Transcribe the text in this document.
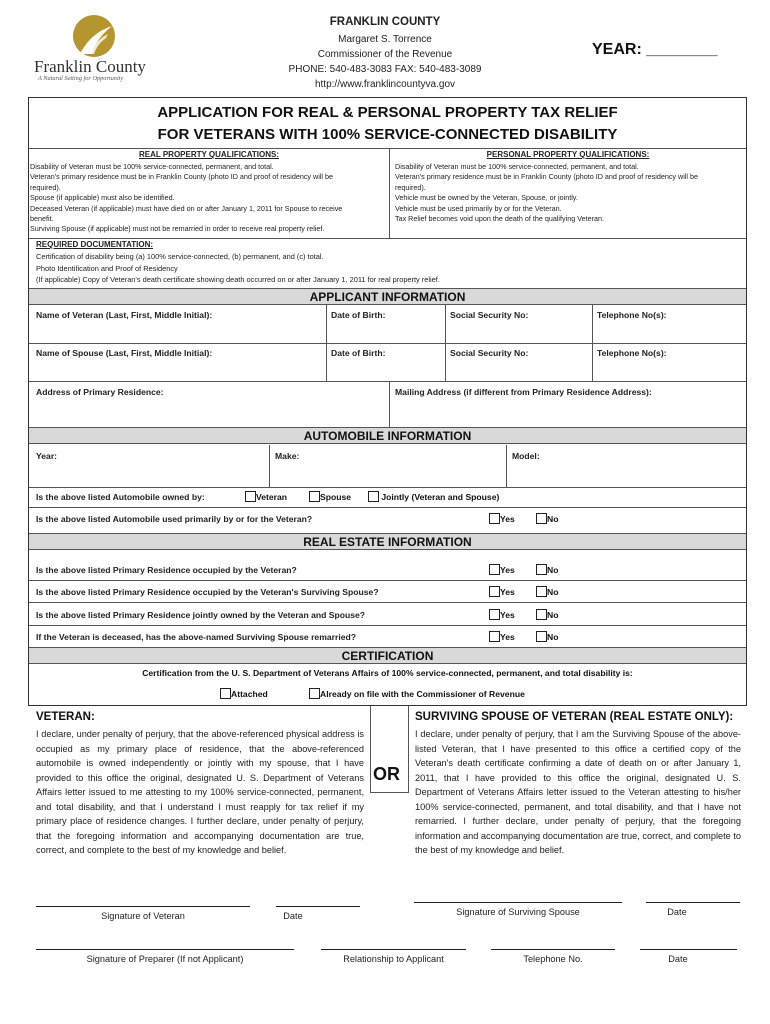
Franklin County
A Natural Setting for Opportunity
FRANKLIN COUNTY
Margaret S. Torrence
Commissioner of the Revenue
PHONE: 540-483-3083 FAX: 540-483-3089
http://www.franklincountyva.gov
YEAR: ________
APPLICATION FOR REAL & PERSONAL PROPERTY TAX RELIEF
FOR VETERANS WITH 100% SERVICE-CONNECTED DISABILITY
REAL PROPERTY QUALIFICATIONS:
Disability of Veteran must be 100% service-connected, permanent, and total.
Veteran's primary residence must be in Franklin County (photo ID and proof of residency will be
required).
Spouse (if applicable) must also be identified.
Deceased Veteran (if applicable) must have died on or after January 1, 2011 for Spouse to receive
benefit.
Surviving Spouse (if applicable) must not be remarried in order to receive real property relief.
PERSONAL PROPERTY QUALIFICATIONS:
Disability of Veteran must be 100% service-connected, permanent, and total.
Veteran's primary residence must be in Franklin County (photo ID and proof of residency will be
required).
Vehicle must be owned by the Veteran, Spouse, or jointly.
Vehicle must be used primarily by or for the Veteran.
Tax Relief becomes void upon the death of the qualifying Veteran.
REQUIRED DOCUMENTATION:
Certification of disability being (a) 100% service-connected, (b) permanent, and (c) total.
Photo Identification and Proof of Residency
(If applicable) Copy of Veteran's death certificate showing death occurred on or after January 1, 2011 for real property relief.
APPLICANT INFORMATION
Name of Veteran (Last, First, Middle Initial):	Date of Birth:	Social Security No:	Telephone No(s):
Name of Spouse (Last, First, Middle Initial):	Date of Birth:	Social Security No:	Telephone No(s):
Address of Primary Residence:	Mailing Address (if different from Primary Residence Address):
AUTOMOBILE INFORMATION
Year:	Make:	Model:
Is the above listed Automobile owned by:	Veteran	Spouse	Jointly (Veteran and Spouse)
Is the above listed Automobile used primarily by or for the Veteran?	Yes	No
REAL ESTATE INFORMATION
Is the above listed Primary Residence occupied by the Veteran?	Yes	No
Is the above listed Primary Residence occupied by the Veteran's Surviving Spouse?	Yes	No
Is the above listed Primary Residence jointly owned by the Veteran and Spouse?	Yes	No
If the Veteran is deceased, has the above-named Surviving Spouse remarried?	Yes	No
CERTIFICATION
Certification from the U. S. Department of Veterans Affairs of 100% service-connected, permanent, and total disability is:
Attached	Already on file with the Commissioner of Revenue
VETERAN:
I declare, under penalty of perjury, that the above-referenced physical address is occupied as my primary place of residence, that the above-referenced automobile is owned independently or jointly with my spouse, that I have provided to this office the original, designated U. S. Department of Veterans Affairs letter issued to me attesting to my 100% service-connected, permanent, and total disability, and that I understand I must reapply for tax relief if my primary place of residence changes. I further declare, under penalty of perjury, that the foregoing information and accompanying documentation are true, correct, and complete to the best of my knowledge and belief.
OR
SURVIVING SPOUSE OF VETERAN (REAL ESTATE ONLY):
I declare, under penalty of perjury, that I am the Surviving Spouse of the above-listed Veteran, that I have presented to this office a certified copy of the Veteran's death certificate confirming a date of death on or after January 1, 2011, that I have provided to this office the original, designated U. S. Department of Veterans Affairs letter issued to the Veteran attesting to his/her 100% service-connected, permanent, and total disability, and that I have not remarried. I further declare, under penalty of perjury, that the foregoing information and accompanying documentation are true, correct, and complete to the best of my knowledge and belief.
Signature of Veteran	Date	Signature of Surviving Spouse	Date
Signature of Preparer (If not Applicant)	Relationship to Applicant	Telephone No.	Date
